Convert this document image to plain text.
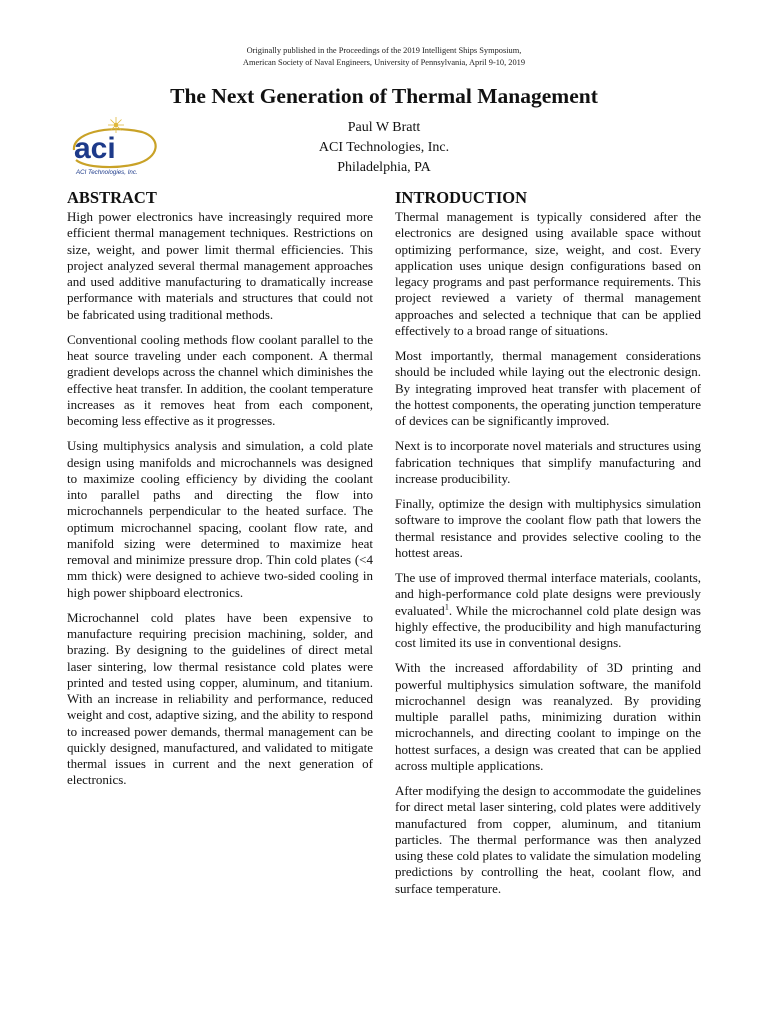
Originally published in the Proceedings of the 2019 Intelligent Ships Symposium,
American Society of Naval Engineers, University of Pennsylvania, April 9-10, 2019
The Next Generation of Thermal Management
aci
ACI Technologies, Inc.
Paul W Bratt
ACI Technologies, Inc.
Philadelphia, PA
ABSTRACT

High power electronics have increasingly required more efficient thermal management techniques. Restrictions on size, weight, and power limit thermal efficiencies. This project analyzed several thermal management approaches and used additive manufacturing to dramatically increase performance with materials and structures that could not be fabricated using traditional methods.

Conventional cooling methods flow coolant parallel to the heat source traveling under each component. A thermal gradient develops across the channel which diminishes the effective heat transfer. In addition, the coolant temperature increases as it removes heat from each component, becoming less effective as it progresses.

Using multiphysics analysis and simulation, a cold plate design using manifolds and microchannels was designed to maximize cooling efficiency by dividing the coolant into parallel paths and directing the flow into microchannels perpendicular to the heated surface. The optimum microchannel spacing, coolant flow rate, and manifold sizing were determined to maximize heat removal and minimize pressure drop. Thin cold plates (<4 mm thick) were designed to achieve two-sided cooling in high power shipboard electronics.

Microchannel cold plates have been expensive to manufacture requiring precision machining, solder, and brazing. By designing to the guidelines of direct metal laser sintering, low thermal resistance cold plates were printed and tested using copper, aluminum, and titanium. With an increase in reliability and performance, reduced weight and cost, adaptive sizing, and the ability to respond to increased power demands, thermal management can be quickly designed, manufactured, and validated to mitigate thermal issues in current and the next generation of electronics.

INTRODUCTION

Thermal management is typically considered after the electronics are designed using available space without optimizing performance, size, weight, and cost. Every application uses unique design configurations based on legacy programs and past performance requirements. This project reviewed a variety of thermal management approaches and selected a technique that can be applied effectively to a broad range of situations.

Most importantly, thermal management considerations should be included while laying out the electronic design. By integrating improved heat transfer with placement of the hottest components, the operating junction temperature of devices can be significantly improved.

Next is to incorporate novel materials and structures using fabrication techniques that simplify manufacturing and increase producibility.

Finally, optimize the design with multiphysics simulation software to improve the coolant flow path that lowers the thermal resistance and provides selective cooling to the hottest areas.

The use of improved thermal interface materials, coolants, and high-performance cold plate designs were previously evaluated$^1$. While the microchannel cold plate design was highly effective, the producibility and high manufacturing cost limited its use in conventional designs.

With the increased affordability of 3D printing and powerful multiphysics simulation software, the manifold microchannel design was reanalyzed. By providing multiple parallel paths, minimizing duration within microchannels, and directing coolant to impinge on the hottest surfaces, a design was created that can be applied across multiple applications.

After modifying the design to accommodate the guidelines for direct metal laser sintering, cold plates were additively manufactured from copper, aluminum, and titanium particles. The thermal performance was then analyzed using these cold plates to validate the simulation modeling predictions by controlling the heat, coolant flow, and surface temperature.
